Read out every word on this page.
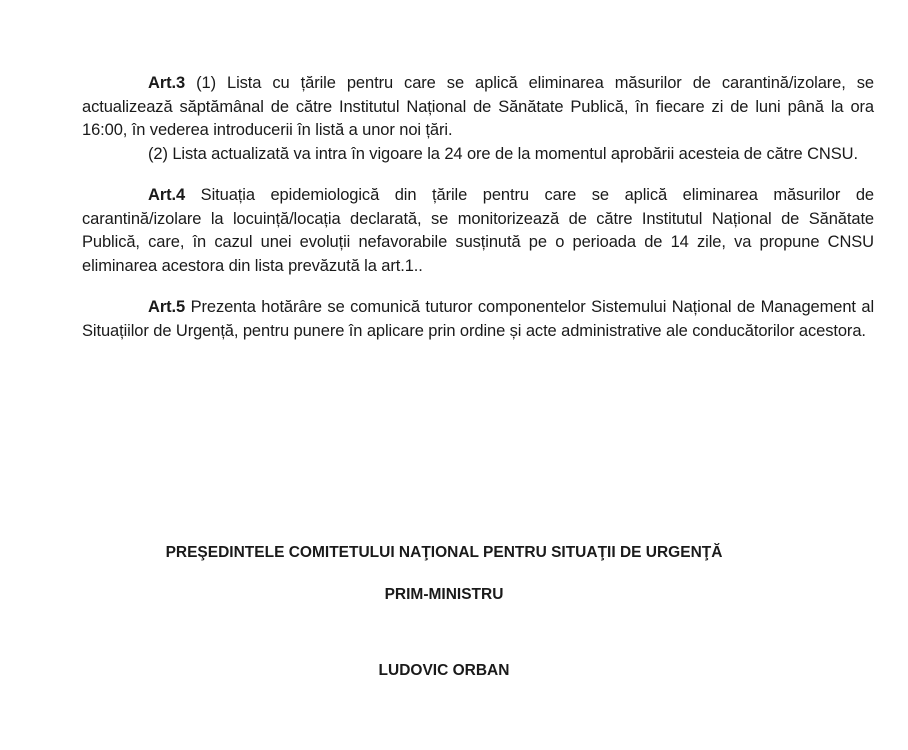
Art.3 (1) Lista cu țările pentru care se aplică eliminarea măsurilor de carantină/izolare, se actualizează săptămânal de către Institutul Național de Sănătate Publică, în fiecare zi de luni până la ora 16:00, în vederea introducerii în listă a unor noi țări.

(2) Lista actualizată va intra în vigoare la 24 ore de la momentul aprobării acesteia de către CNSU.

Art.4 Situația epidemiologică din țările pentru care se aplică eliminarea măsurilor de carantină/izolare la locuință/locația declarată, se monitorizează de către Institutul Național de Sănătate Publică, care, în cazul unei evoluții nefavorabile susținută pe o perioada de 14 zile, va propune CNSU eliminarea acestora din lista prevăzută la art.1..

Art.5 Prezenta hotărâre se comunică tuturor componentelor Sistemului Național de Management al Situațiilor de Urgență, pentru punere în aplicare prin ordine și acte administrative ale conducătorilor acestora.

PREŞEDINTELE COMITETULUI NAŢIONAL PENTRU SITUAŢII DE URGENŢĂ
PRIM-MINISTRU
LUDOVIC ORBAN
